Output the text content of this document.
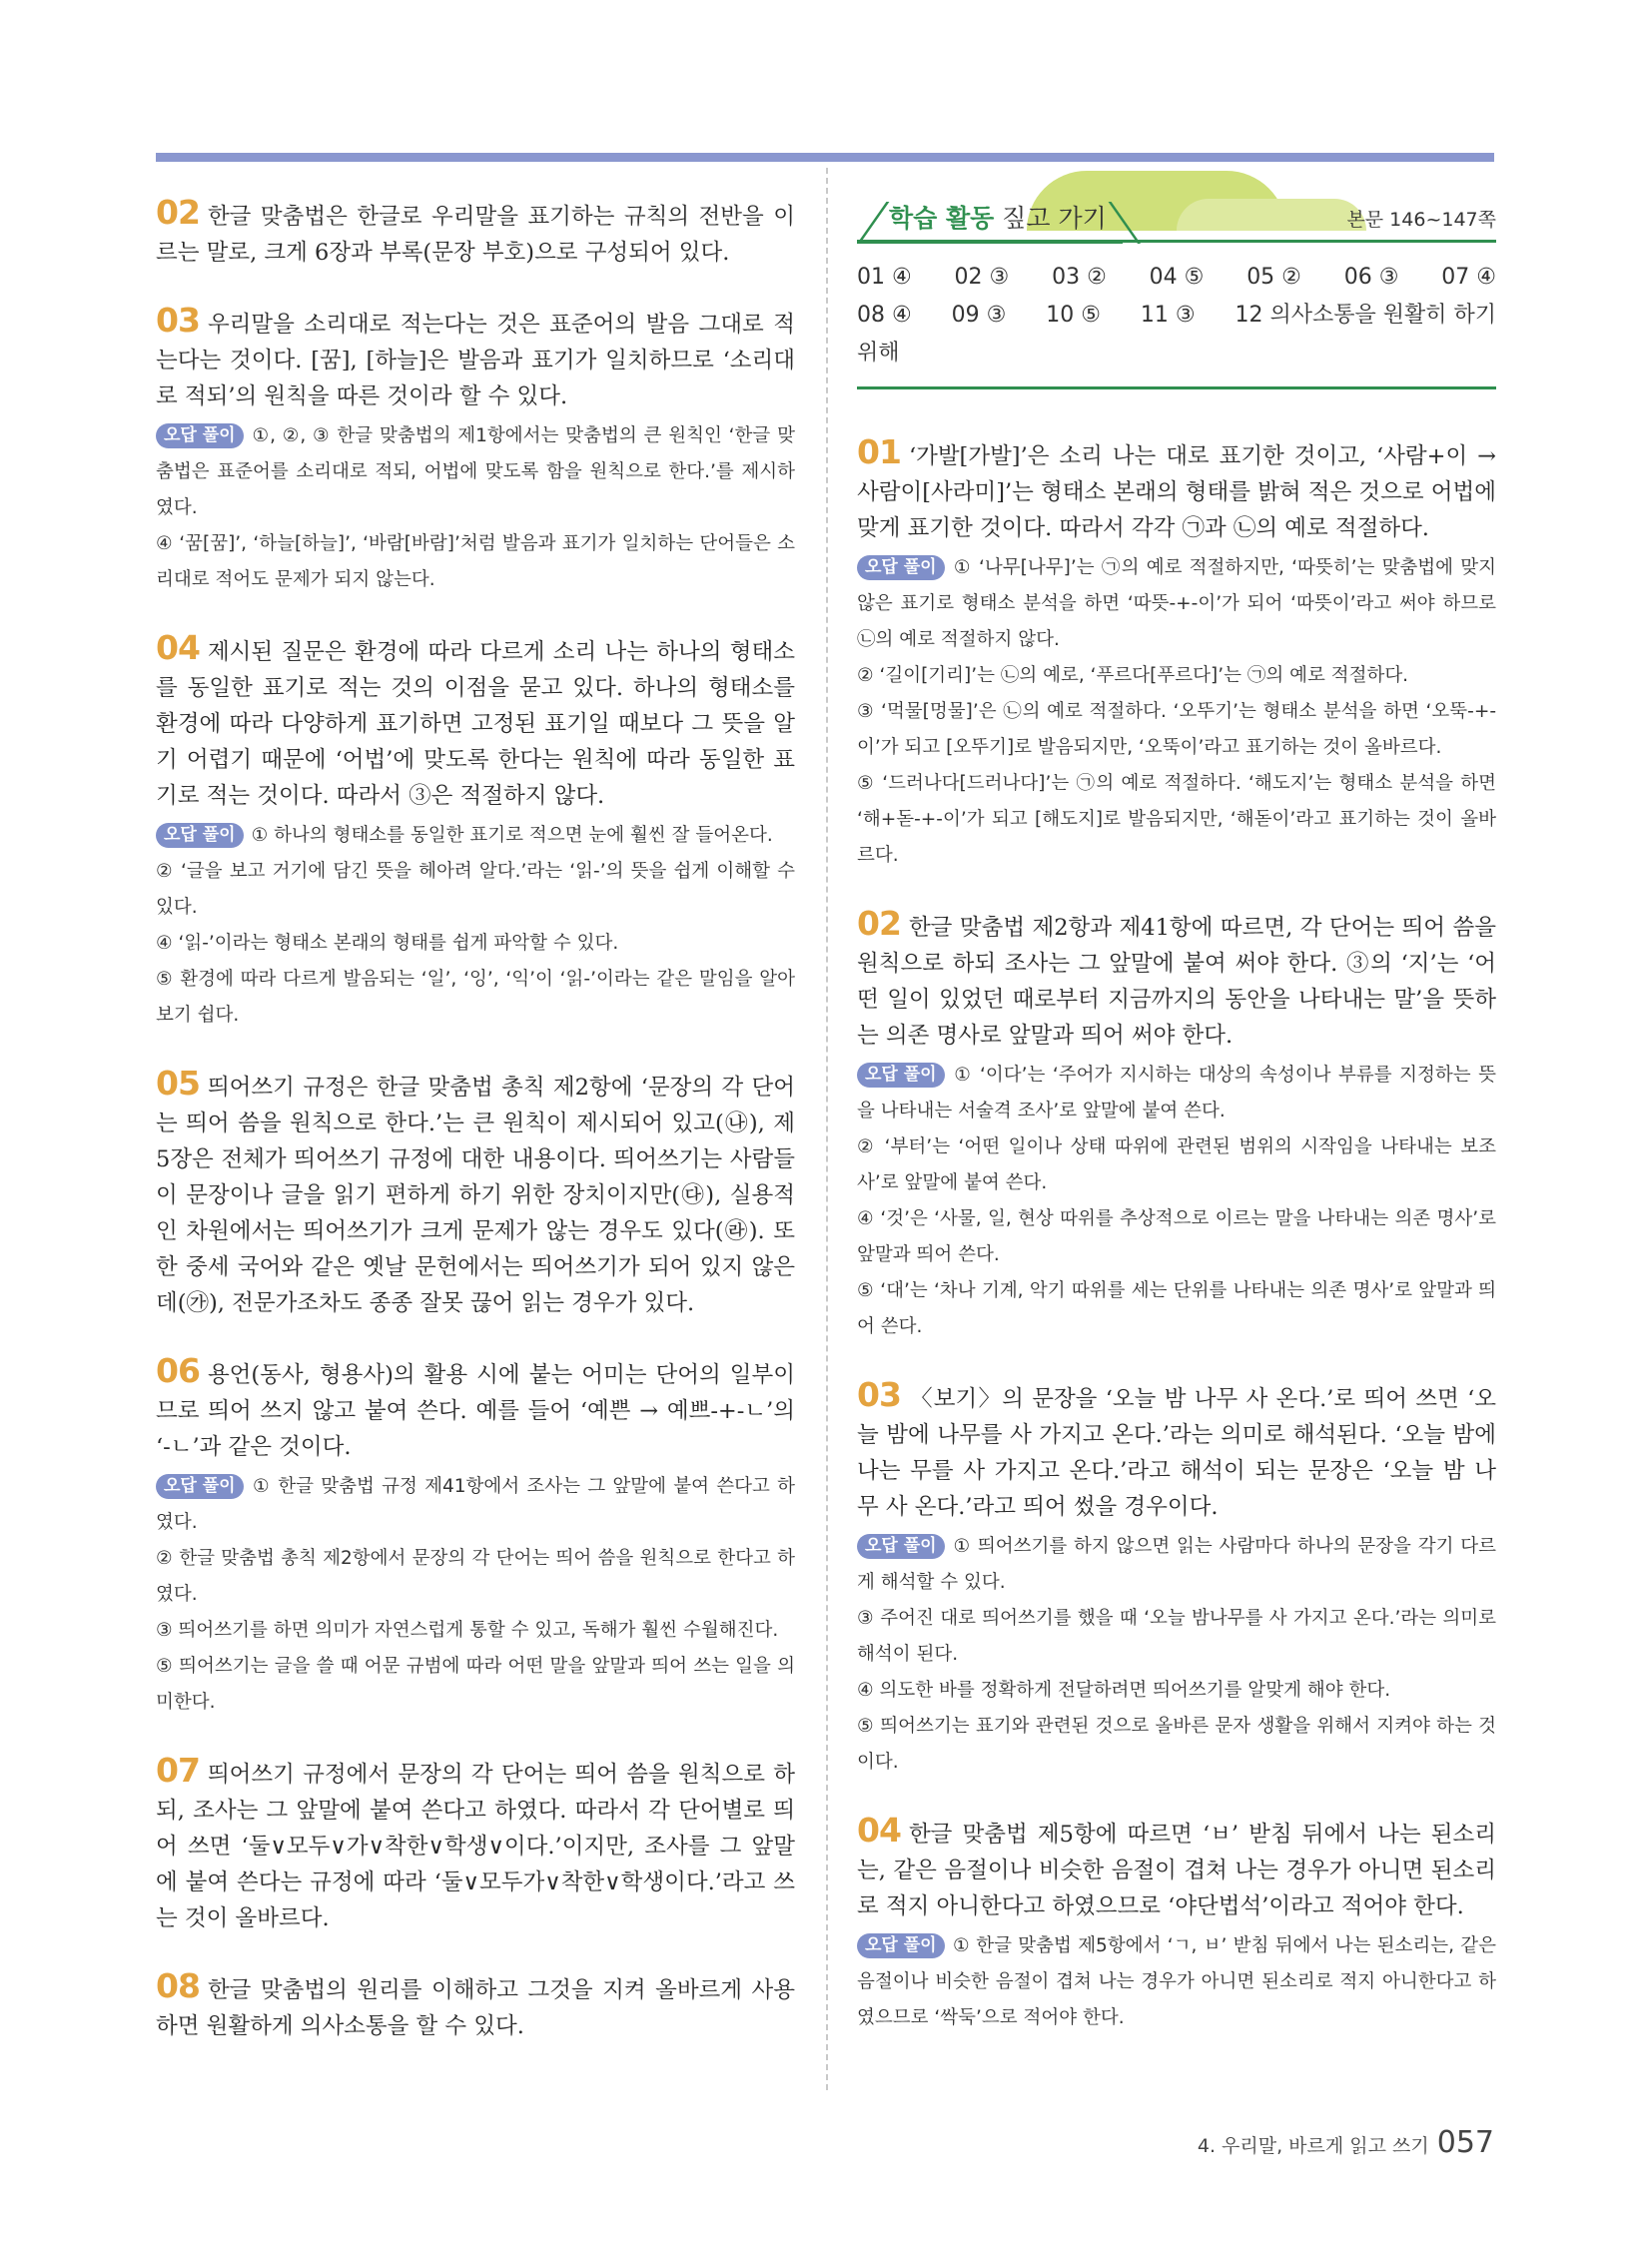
02 한글 맞춤법은 한글로 우리말을 표기하는 규칙의 전반을 이르는 말로, 크게 6장과 부록(문장 부호)으로 구성되어 있다.
03 우리말을 소리대로 적는다는 것은 표준어의 발음 그대로 적는다는 것이다. [꿈], [하늘]은 발음과 표기가 일치하므로 ‘소리대로 적되’의 원칙을 따른 것이라 할 수 있다.

오답 풀이 ①, ②, ③ 한글 맞춤법의 제1항에서는 맞춤법의 큰 원칙인 ‘한글 맞춤법은 표준어를 소리대로 적되, 어법에 맞도록 함을 원칙으로 한다.’를 제시하였다.

④ ‘꿈[꿈]’, ‘하늘[하늘]’, ‘바람[바람]’처럼 발음과 표기가 일치하는 단어들은 소리대로 적어도 문제가 되지 않는다.

04 제시된 질문은 환경에 따라 다르게 소리 나는 하나의 형태소를 동일한 표기로 적는 것의 이점을 묻고 있다. 하나의 형태소를 환경에 따라 다양하게 표기하면 고정된 표기일 때보다 그 뜻을 알기 어렵기 때문에 ‘어법’에 맞도록 한다는 원칙에 따라 동일한 표기로 적는 것이다. 따라서 ③은 적절하지 않다.

오답 풀이 ① 하나의 형태소를 동일한 표기로 적으면 눈에 훨씬 잘 들어온다.

② ‘글을 보고 거기에 담긴 뜻을 헤아려 알다.’라는 ‘읽-’의 뜻을 쉽게 이해할 수 있다.

④ ‘읽-’이라는 형태소 본래의 형태를 쉽게 파악할 수 있다.

⑤ 환경에 따라 다르게 발음되는 ‘일’, ‘잉’, ‘익’이 ‘읽-’이라는 같은 말임을 알아보기 쉽다.

05 띄어쓰기 규정은 한글 맞춤법 총칙 제2항에 ‘문장의 각 단어는 띄어 씀을 원칙으로 한다.’는 큰 원칙이 제시되어 있고(㉯), 제5장은 전체가 띄어쓰기 규정에 대한 내용이다. 띄어쓰기는 사람들이 문장이나 글을 읽기 편하게 하기 위한 장치이지만(㉰), 실용적인 차원에서는 띄어쓰기가 크게 문제가 않는 경우도 있다(㉱). 또한 중세 국어와 같은 옛날 문헌에서는 띄어쓰기가 되어 있지 않은데(㉮), 전문가조차도 종종 잘못 끊어 읽는 경우가 있다.
06 용언(동사, 형용사)의 활용 시에 붙는 어미는 단어의 일부이므로 띄어 쓰지 않고 붙여 쓴다. 예를 들어 ‘예쁜 → 예쁘-+-ㄴ’의 ‘-ㄴ’과 같은 것이다.

오답 풀이 ① 한글 맞춤법 규정 제41항에서 조사는 그 앞말에 붙여 쓴다고 하였다.

② 한글 맞춤법 총칙 제2항에서 문장의 각 단어는 띄어 씀을 원칙으로 한다고 하였다.

③ 띄어쓰기를 하면 의미가 자연스럽게 통할 수 있고, 독해가 훨씬 수월해진다.

⑤ 띄어쓰기는 글을 쓸 때 어문 규범에 따라 어떤 말을 앞말과 띄어 쓰는 일을 의미한다.

07 띄어쓰기 규정에서 문장의 각 단어는 띄어 씀을 원칙으로 하되, 조사는 그 앞말에 붙여 쓴다고 하였다. 따라서 각 단어별로 띄어 쓰면 ‘둘∨모두∨가∨착한∨학생∨이다.’이지만, 조사를 그 앞말에 붙여 쓴다는 규정에 따라 ‘둘∨모두가∨착한∨학생이다.’라고 쓰는 것이 올바르다.
08 한글 맞춤법의 원리를 이해하고 그것을 지켜 올바르게 사용하면 원활하게 의사소통을 할 수 있다.
학습 활동 짚고 가기	본문 146~147쪽
01 ④ 02 ③ 03 ② 04 ⑤ 05 ② 06 ③ 07 ④
08 ④ 09 ③ 10 ⑤ 11 ③ 12 의사소통을 원활히 하기
위해
01 ‘가발[가발]’은 소리 나는 대로 표기한 것이고, ‘사람+이 → 사람이[사라미]’는 형태소 본래의 형태를 밝혀 적은 것으로 어법에 맞게 표기한 것이다. 따라서 각각 ㉠과 ㉡의 예로 적절하다.

오답 풀이 ① ‘나무[나무]’는 ㉠의 예로 적절하지만, ‘따뜻히’는 맞춤법에 맞지 않은 표기로 형태소 분석을 하면 ‘따뜻-+-이’가 되어 ‘따뜻이’라고 써야 하므로 ㉡의 예로 적절하지 않다.

② ‘길이[기리]’는 ㉡의 예로, ‘푸르다[푸르다]’는 ㉠의 예로 적절하다.

③ ‘먹물[멍물]’은 ㉡의 예로 적절하다. ‘오뚜기’는 형태소 분석을 하면 ‘오뚝-+-이’가 되고 [오뚜기]로 발음되지만, ‘오뚝이’라고 표기하는 것이 올바르다.

⑤ ‘드러나다[드러나다]’는 ㉠의 예로 적절하다. ‘해도지’는 형태소 분석을 하면 ‘해+돋-+-이’가 되고 [해도지]로 발음되지만, ‘해돋이’라고 표기하는 것이 올바르다.

02 한글 맞춤법 제2항과 제41항에 따르면, 각 단어는 띄어 씀을 원칙으로 하되 조사는 그 앞말에 붙여 써야 한다. ③의 ‘지’는 ‘어떤 일이 있었던 때로부터 지금까지의 동안을 나타내는 말’을 뜻하는 의존 명사로 앞말과 띄어 써야 한다.

오답 풀이 ① ‘이다’는 ‘주어가 지시하는 대상의 속성이나 부류를 지정하는 뜻을 나타내는 서술격 조사’로 앞말에 붙여 쓴다.

② ‘부터’는 ‘어떤 일이나 상태 따위에 관련된 범위의 시작임을 나타내는 보조사’로 앞말에 붙여 쓴다.

④ ‘것’은 ‘사물, 일, 현상 따위를 추상적으로 이르는 말을 나타내는 의존 명사’로 앞말과 띄어 쓴다.

⑤ ‘대’는 ‘차나 기계, 악기 따위를 세는 단위를 나타내는 의존 명사’로 앞말과 띄어 쓴다.

03 〈보기〉의 문장을 ‘오늘 밤 나무 사 온다.’로 띄어 쓰면 ‘오늘 밤에 나무를 사 가지고 온다.’라는 의미로 해석된다. ‘오늘 밤에 나는 무를 사 가지고 온다.’라고 해석이 되는 문장은 ‘오늘 밤 나 무 사 온다.’라고 띄어 썼을 경우이다.

오답 풀이 ① 띄어쓰기를 하지 않으면 읽는 사람마다 하나의 문장을 각기 다르게 해석할 수 있다.

③ 주어진 대로 띄어쓰기를 했을 때 ‘오늘 밤나무를 사 가지고 온다.’라는 의미로 해석이 된다.

④ 의도한 바를 정확하게 전달하려면 띄어쓰기를 알맞게 해야 한다.

⑤ 띄어쓰기는 표기와 관련된 것으로 올바른 문자 생활을 위해서 지켜야 하는 것이다.

04 한글 맞춤법 제5항에 따르면 ‘ㅂ’ 받침 뒤에서 나는 된소리는, 같은 음절이나 비슷한 음절이 겹쳐 나는 경우가 아니면 된소리로 적지 아니한다고 하였으므로 ‘야단법석’이라고 적어야 한다.

오답 풀이 ① 한글 맞춤법 제5항에서 ‘ㄱ, ㅂ’ 받침 뒤에서 나는 된소리는, 같은 음절이나 비슷한 음절이 겹쳐 나는 경우가 아니면 된소리로 적지 아니한다고 하였으므로 ‘싹둑’으로 적어야 한다.

4. 우리말, 바르게 읽고 쓰기 057
